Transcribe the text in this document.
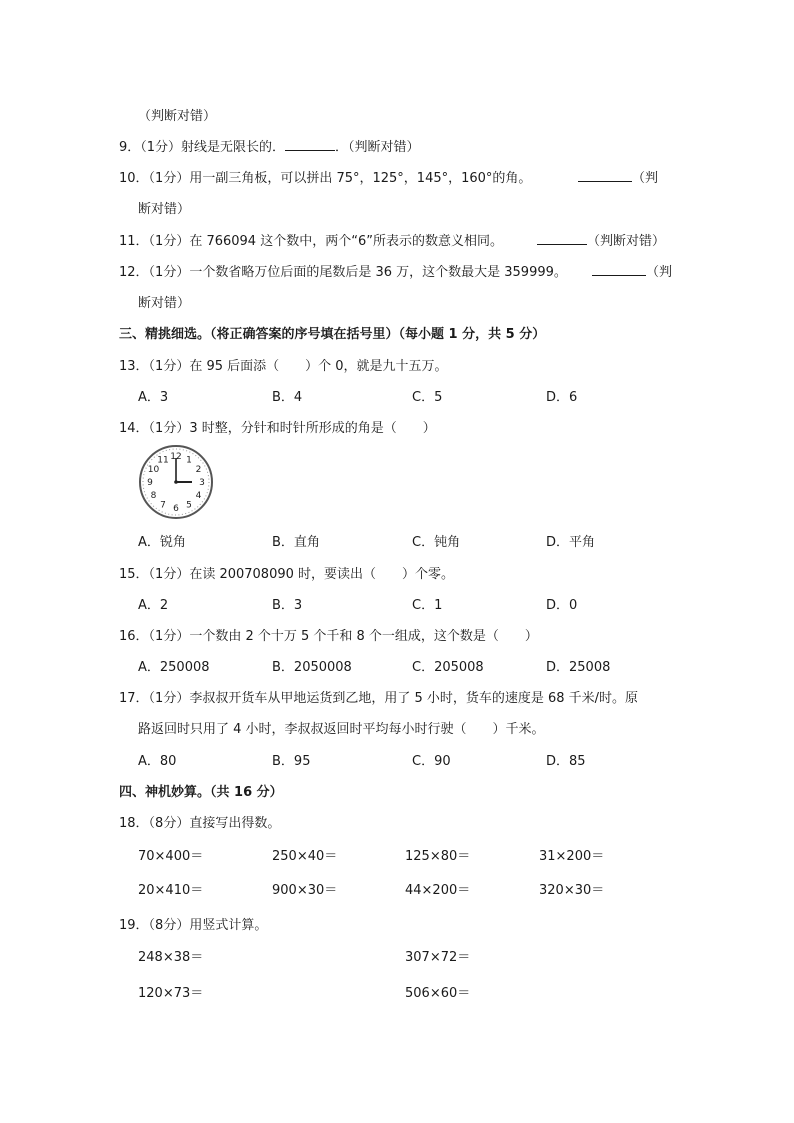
（判断对错）
9．（1分）射线是无限长的．	．（判断对错）
10．（1分）用一副三角板，可以拼出 75°，125°，145°，160°的角。	（判
断对错）
11．（1分）在 766094 这个数中，两个“6”所表示的数意义相同。	（判断对错）
12．（1分）一个数省略万位后面的尾数后是 36 万，这个数最大是 359999。	（判
断对错）
三、精挑细选。（将正确答案的序号填在括号里）（每小题 1 分，共 5 分）
13．（1分）在 95 后面添（　　）个 0，就是九十五万。
A．3	B．4	C．5	D．6
14．（1分）3 时整，分针和时针所形成的角是（　　）
12 1
2
3
4
5
6
7
8
9
10
11
A．锐角	B．直角	C．钝角	D．平角
15．（1分）在读 200708090 时，要读出（　　）个零。
A．2	B．3	C．1	D．0
16．（1分）一个数由 2 个十万 5 个千和 8 个一组成，这个数是（　　）
A．250008	B．2050008	C．205008	D．25008
17．（1分）李叔叔开货车从甲地运货到乙地，用了 5 小时，货车的速度是 68 千米/时。原
路返回时只用了 4 小时，李叔叔返回时平均每小时行驶（　　）千米。
A．80	B．95	C．90	D．85
四、神机妙算。（共 16 分）
18．（8分）直接写出得数。
70×400＝	250×40＝	125×80＝	31×200＝
20×410＝	900×30＝	44×200＝	320×30＝
19．（8分）用竖式计算。
248×38＝	307×72＝
120×73＝	506×60＝
